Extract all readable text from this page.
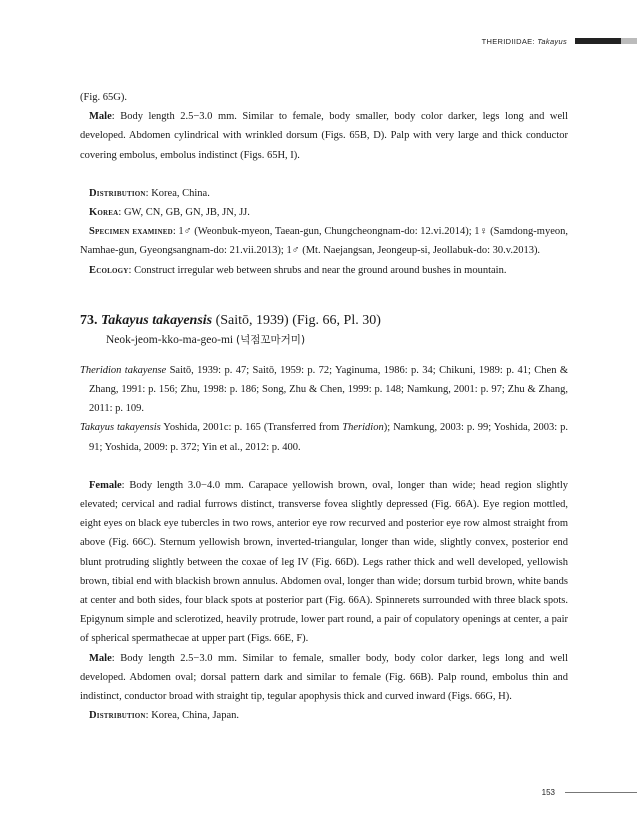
THERIDIIDAE: Takayus

(Fig. 65G).

Male: Body length 2.5−3.0 mm. Similar to female, body smaller, body color darker, legs long and well developed. Abdomen cylindrical with wrinkled dorsum (Figs. 65B, D). Palp with very large and thick conductor covering embolus, embolus indistinct (Figs. 65H, I).

Distribution: Korea, China.

Korea: GW, CN, GB, GN, JB, JN, JJ.

Specimen examined: 1♂ (Weonbuk-myeon, Taean-gun, Chungcheongnam-do: 12.vi.2014); 1♀ (Samdong-myeon, Namhae-gun, Gyeongsangnam-do: 21.vii.2013); 1♂ (Mt. Naejangsan, Jeongeup-si, Jeollabuk-do: 30.v.2013).

Ecology: Construct irregular web between shrubs and near the ground around bushes in mountain.

73. Takayus takayensis (Saitō, 1939) (Fig. 66, Pl. 30)

Neok-jeom-kko-ma-geo-mi (넉점꼬마거미)

Theridion takayense Saitō, 1939: p. 47; Saitō, 1959: p. 72; Yaginuma, 1986: p. 34; Chikuni, 1989: p. 41; Chen & Zhang, 1991: p. 156; Zhu, 1998: p. 186; Song, Zhu & Chen, 1999: p. 148; Namkung, 2001: p. 97; Zhu & Zhang, 2011: p. 109.

Takayus takayensis Yoshida, 2001c: p. 165 (Transferred from Theridion); Namkung, 2003: p. 99; Yoshida, 2003: p. 91; Yoshida, 2009: p. 372; Yin et al., 2012: p. 400.

Female: Body length 3.0−4.0 mm. Carapace yellowish brown, oval, longer than wide; head region slightly elevated; cervical and radial furrows distinct, transverse fovea slightly depressed (Fig. 66A). Eye region mottled, eight eyes on black eye tubercles in two rows, anterior eye row recurved and posterior eye row almost straight from above (Fig. 66C). Sternum yellowish brown, inverted-triangular, longer than wide, slightly convex, posterior end blunt protruding slightly between the coxae of leg IV (Fig. 66D). Legs rather thick and well developed, yellowish brown, tibial end with blackish brown annulus. Abdomen oval, longer than wide; dorsum turbid brown, white bands at center and both sides, four black spots at posterior part (Fig. 66A). Spinnerets surrounded with three black spots. Epigynum simple and sclerotized, heavily protrude, lower part round, a pair of copulatory openings at center, a pair of spherical spermathecae at upper part (Figs. 66E, F).

Male: Body length 2.5−3.0 mm. Similar to female, smaller body, body color darker, legs long and well developed. Abdomen oval; dorsal pattern dark and similar to female (Fig. 66B). Palp round, embolus thin and indistinct, conductor broad with straight tip, tegular apophysis thick and curved inward (Figs. 66G, H).

Distribution: Korea, China, Japan.

153
